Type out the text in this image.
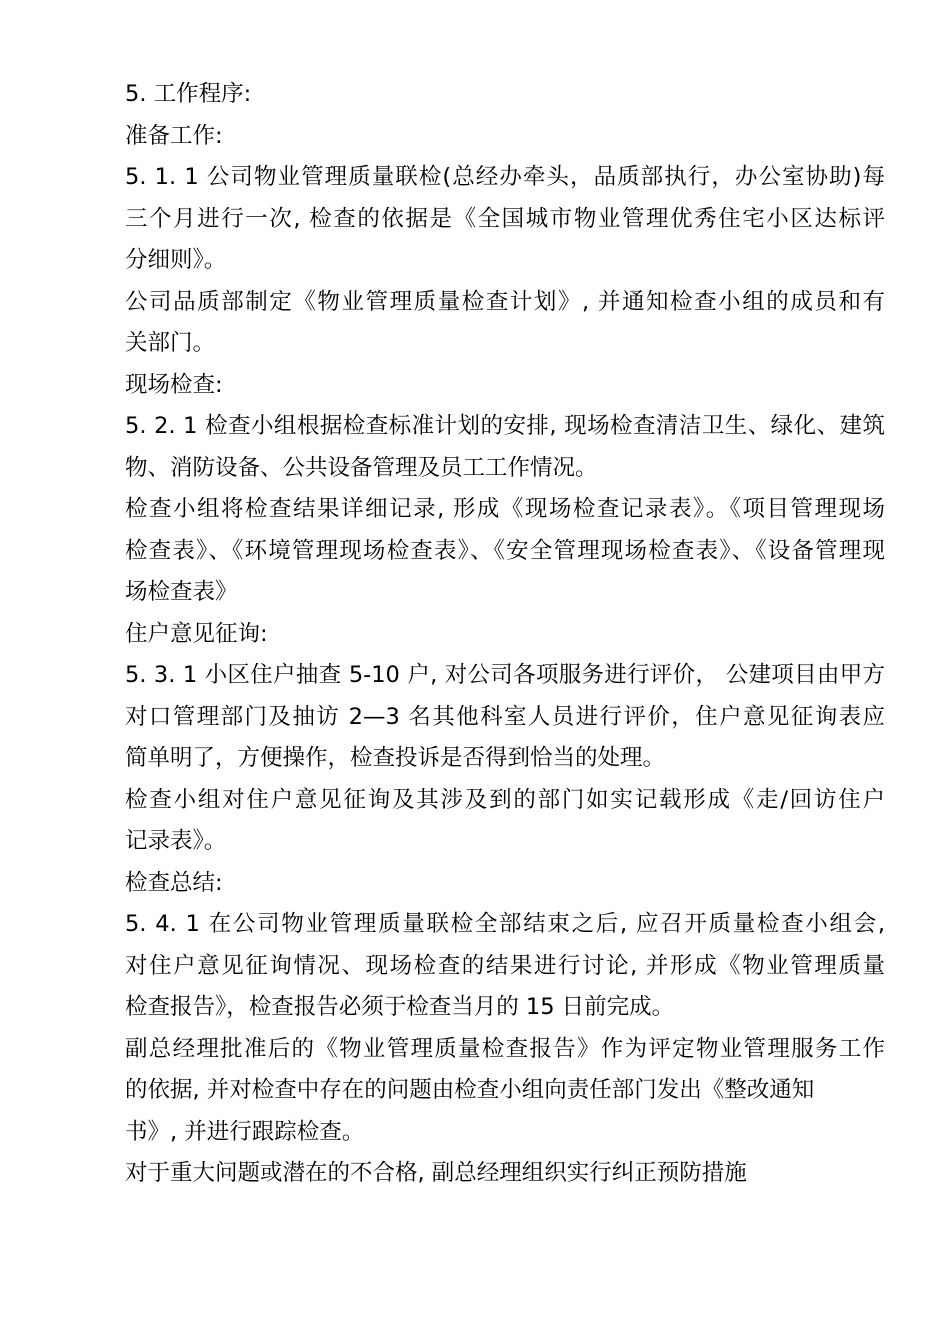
5. 工作程序:
准备工作:
5. 1. 1 公司物业管理质量联检(总经办牵头，品质部执行，办公室协助)每
三个月进行一次, 检查的依据是《全国城市物业管理优秀住宅小区达标评
分细则》。
公司品质部制定《物业管理质量检查计划》, 并通知检查小组的成员和有
关部门。
现场检查:
5. 2. 1 检查小组根据检查标准计划的安排, 现场检查清洁卫生、绿化、建筑
物、消防设备、公共设备管理及员工工作情况。
检查小组将检查结果详细记录, 形成《现场检查记录表》。《项目管理现场
检查表》、《环境管理现场检查表》、《安全管理现场检查表》、《设备管理现
场检查表》
住户意见征询:
5. 3. 1 小区住户抽查 5-10 户, 对公司各项服务进行评价， 公建项目由甲方
对口管理部门及抽访 2—3 名其他科室人员进行评价，住户意见征询表应
简单明了，方便操作，检查投诉是否得到恰当的处理。
检查小组对住户意见征询及其涉及到的部门如实记载形成《走/回访住户
记录表》。
检查总结:
5. 4. 1 在公司物业管理质量联检全部结束之后, 应召开质量检查小组会,
对住户意见征询情况、现场检查的结果进行讨论, 并形成《物业管理质量
检查报告》，检查报告必须于检查当月的 15 日前完成。
副总经理批准后的《物业管理质量检查报告》作为评定物业管理服务工作
的依据, 并对检查中存在的问题由检查小组向责任部门发出《整改通知
书》, 并进行跟踪检查。
对于重大问题或潜在的不合格, 副总经理组织实行纠正预防措施
